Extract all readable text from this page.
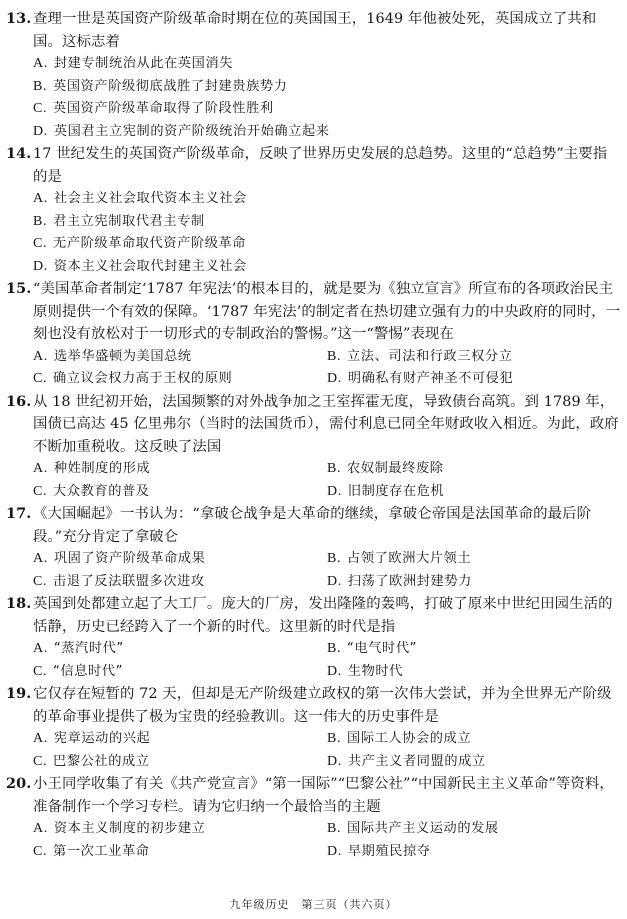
13. 查理一世是英国资产阶级革命时期在位的英国国王，1649 年他被处死，英国成立了共和国。这标志着

A. 封建专制统治从此在英国消失
B. 英国资产阶级彻底战胜了封建贵族势力
C. 英国资产阶级革命取得了阶段性胜利
D. 英国君主立宪制的资产阶级统治开始确立起来

14. 17 世纪发生的英国资产阶级革命，反映了世界历史发展的总趋势。这里的“总趋势”主要指的是

A. 社会主义社会取代资本主义社会
B. 君主立宪制取代君主专制
C. 无产阶级革命取代资产阶级革命
D. 资本主义社会取代封建主义社会

15. “美国革命者制定‘1787 年宪法’的根本目的，就是要为《独立宣言》所宣布的各项政治民主原则提供一个有效的保障。‘1787 年宪法’的制定者在热切建立强有力的中央政府的同时，一刻也没有放松对于一切形式的专制政治的警惕。”这一“警惕”表现在

A. 选举华盛顿为美国总统	B. 立法、司法和行政三权分立
C. 确立议会权力高于王权的原则	D. 明确私有财产神圣不可侵犯

16. 从 18 世纪初开始，法国频繁的对外战争加之王室挥霍无度，导致债台高筑。到 1789 年，国债已高达 45 亿里弗尔（当时的法国货币），需付利息已同全年财政收入相近。为此，政府不断加重税收。这反映了法国

A. 种姓制度的形成	B. 农奴制最终废除
C. 大众教育的普及	D. 旧制度存在危机

17. 《大国崛起》一书认为：“拿破仑战争是大革命的继续，拿破仑帝国是法国革命的最后阶段。”充分肯定了拿破仑

A. 巩固了资产阶级革命成果	B. 占领了欧洲大片领土
C. 击退了反法联盟多次进攻	D. 扫荡了欧洲封建势力

18. 英国到处都建立起了大工厂。庞大的厂房，发出隆隆的轰鸣，打破了原来中世纪田园生活的恬静，历史已经跨入了一个新的时代。这里新的时代是指

A. “蒸汽时代”	B. “电气时代”
C. “信息时代”	D. 生物时代

19. 它仅存在短暂的 72 天，但却是无产阶级建立政权的第一次伟大尝试，并为全世界无产阶级的革命事业提供了极为宝贵的经验教训。这一伟大的历史事件是

A. 宪章运动的兴起	B. 国际工人协会的成立
C. 巴黎公社的成立	D. 共产主义者同盟的成立

20. 小王同学收集了有关《共产党宣言》“第一国际”“巴黎公社”“中国新民主主义革命”等资料，准备制作一个学习专栏。请为它归纳一个最恰当的主题

A. 资本主义制度的初步建立	B. 国际共产主义运动的发展
C. 第一次工业革命	D. 早期殖民掠夺
九年级历史　第三页（共六页）
